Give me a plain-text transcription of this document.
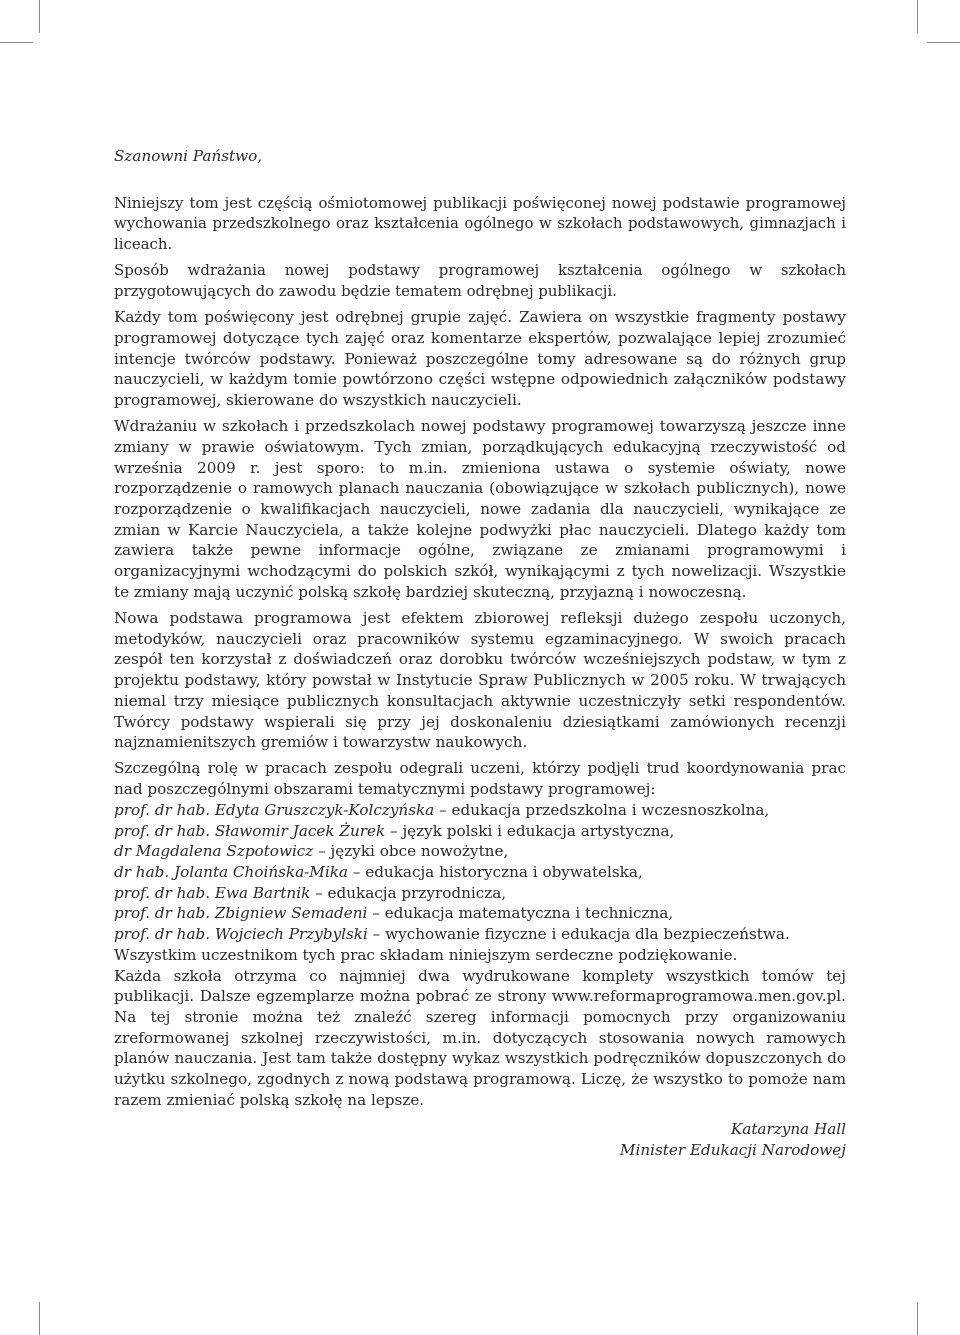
Szanowni Państwo,

Niniejszy tom jest częścią ośmiotomowej publikacji poświęconej nowej podstawie programowej wychowania przedszkolnego oraz kształcenia ogólnego w szkołach podstawowych, gimnazjach i liceach.

Sposób wdrażania nowej podstawy programowej kształcenia ogólnego w szkołach przygotowujących do zawodu będzie tematem odrębnej publikacji.

Każdy tom poświęcony jest odrębnej grupie zajęć. Zawiera on wszystkie fragmenty postawy programowej dotyczące tych zajęć oraz komentarze ekspertów, pozwalające lepiej zrozumieć intencje twórców podstawy. Ponieważ poszczególne tomy adresowane są do różnych grup nauczycieli, w każdym tomie powtórzono części wstępne odpowiednich załączników podstawy programowej, skierowane do wszystkich nauczycieli.

Wdrażaniu w szkołach i przedszkolach nowej podstawy programowej towarzyszą jeszcze inne zmiany w prawie oświatowym. Tych zmian, porządkujących edukacyjną rzeczywistość od września 2009 r. jest sporo: to m.in. zmieniona ustawa o systemie oświaty, nowe rozporządzenie o ramowych planach nauczania (obowiązujące w szkołach publicznych), nowe rozporządzenie o kwalifikacjach nauczycieli, nowe zadania dla nauczycieli, wynikające ze zmian w Karcie Nauczyciela, a także kolejne podwyżki płac nauczycieli. Dlatego każdy tom zawiera także pewne informacje ogólne, związane ze zmianami programowymi i organizacyjnymi wchodzącymi do polskich szkół, wynikającymi z tych nowelizacji. Wszystkie te zmiany mają uczynić polską szkołę bardziej skuteczną, przyjazną i nowoczesną.

Nowa podstawa programowa jest efektem zbiorowej refleksji dużego zespołu uczonych, metodyków, nauczycieli oraz pracowników systemu egzaminacyjnego. W swoich pracach zespół ten korzystał z doświadczeń oraz dorobku twórców wcześniejszych podstaw, w tym z projektu podstawy, który powstał w Instytucie Spraw Publicznych w 2005 roku. W trwających niemal trzy miesiące publicznych konsultacjach aktywnie uczestniczyły setki respondentów. Twórcy podstawy wspierali się przy jej doskonaleniu dziesiątkami zamówionych recenzji najznamienitszych gremiów i towarzystw naukowych.

Szczególną rolę w pracach zespołu odegrali uczeni, którzy podjęli trud koordynowania prac nad poszczególnymi obszarami tematycznymi podstawy programowej:

prof. dr hab. Edyta Gruszczyk-Kolczyńska – edukacja przedszkolna i wczesnoszkolna,
prof. dr hab. Sławomir Jacek Żurek – język polski i edukacja artystyczna,
dr Magdalena Szpotowicz – języki obce nowożytne,
dr hab. Jolanta Choińska-Mika – edukacja historyczna i obywatelska,
prof. dr hab. Ewa Bartnik – edukacja przyrodnicza,
prof. dr hab. Zbigniew Semadeni – edukacja matematyczna i techniczna,
prof. dr hab. Wojciech Przybylski – wychowanie fizyczne i edukacja dla bezpieczeństwa.

Wszystkim uczestnikom tych prac składam niniejszym serdeczne podziękowanie.

Każda szkoła otrzyma co najmniej dwa wydrukowane komplety wszystkich tomów tej publikacji. Dalsze egzemplarze można pobrać ze strony www.reformaprogramowa.men.gov.pl. Na tej stronie można też znaleźć szereg informacji pomocnych przy organizowaniu zreformowanej szkolnej rzeczywistości, m.in. dotyczących stosowania nowych ramowych planów nauczania. Jest tam także dostępny wykaz wszystkich podręczników dopuszczonych do użytku szkolnego, zgodnych z nową podstawą programową. Liczę, że wszystko to pomoże nam razem zmieniać polską szkołę na lepsze.

Katarzyna Hall
Minister Edukacji Narodowej
